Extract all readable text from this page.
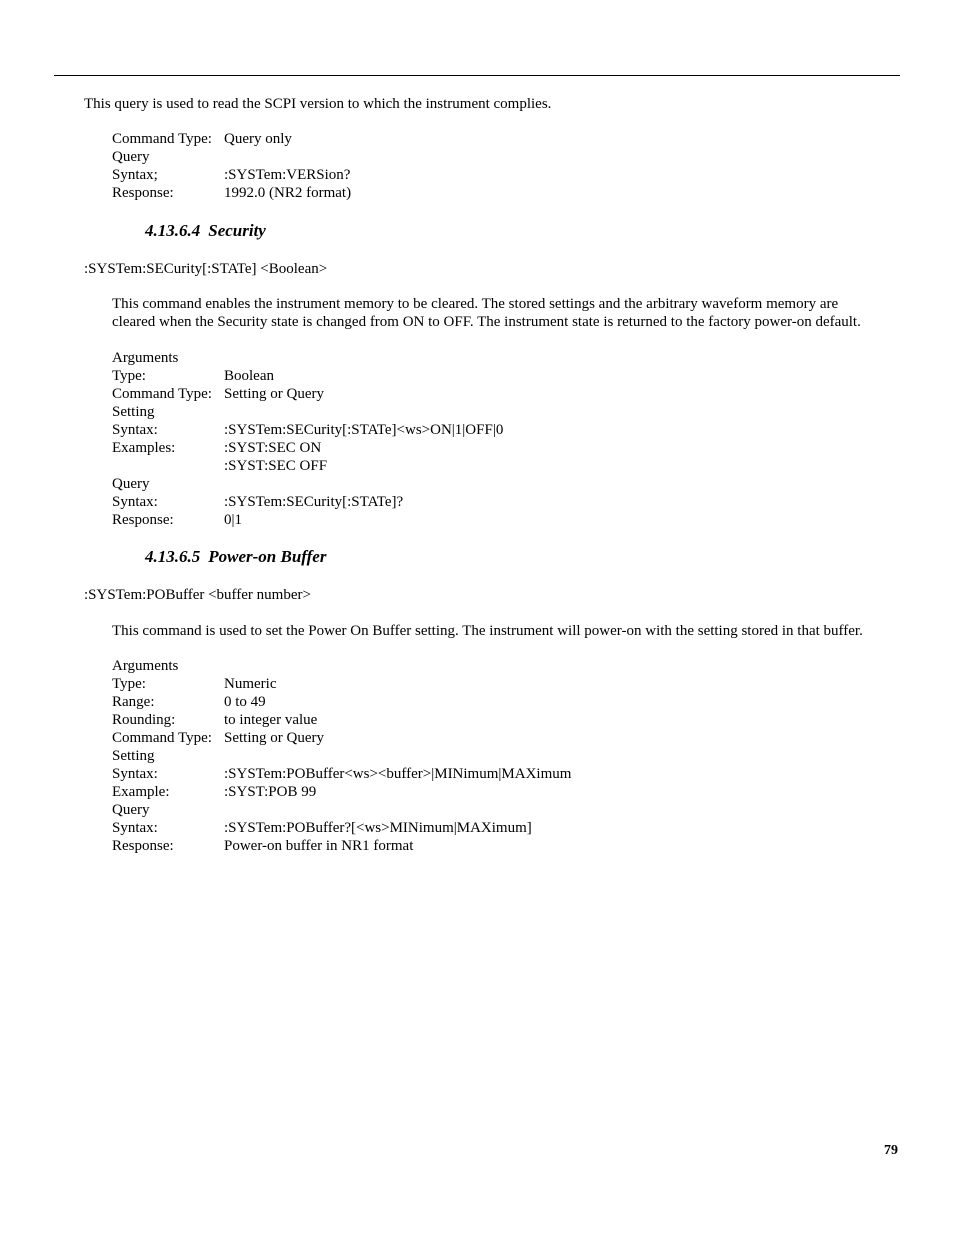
This query is used to read the SCPI version to which the instrument complies.
Command Type: Query only
Query
Syntax;	:SYSTem:VERSion?
Response:	1992.0 (NR2 format)
4.13.6.4 Security
:SYSTem:SECurity[:STATe] <Boolean>
This command enables the instrument memory to be cleared. The stored settings and the arbitrary waveform memory are
cleared when the Security state is changed from ON to OFF. The instrument state is returned to the factory power-on default.
Arguments
Type:	Boolean
Command Type: Setting or Query
Setting
Syntax:	:SYSTem:SECurity[:STATe]<ws>ON|1|OFF|0
Examples:	:SYST:SEC ON
:SYST:SEC OFF
Query
Syntax:	:SYSTem:SECurity[:STATe]?
Response:	0|1
4.13.6.5 Power-on Buffer
:SYSTem:POBuffer <buffer number>
This command is used to set the Power On Buffer setting. The instrument will power-on with the setting stored in that buffer.
Arguments
Type:	Numeric
Range:	0 to 49
Rounding:	to integer value
Command Type: Setting or Query
Setting
Syntax:	:SYSTem:POBuffer<ws><buffer>|MINimum|MAXimum
Example:	:SYST:POB 99
Query
Syntax:	:SYSTem:POBuffer?[<ws>MINimum|MAXimum]
Response:	Power-on buffer in NR1 format
79
